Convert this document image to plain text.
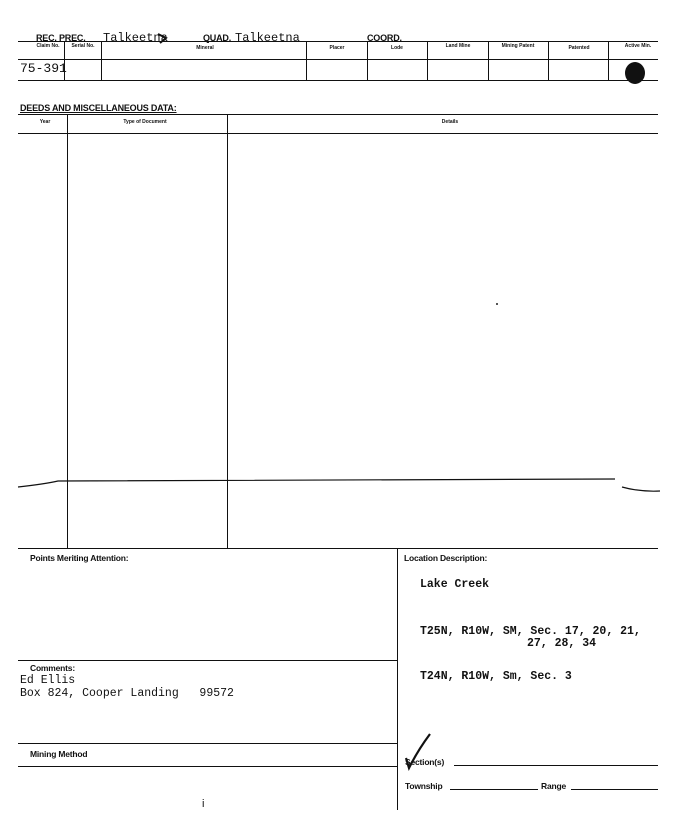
REC. PREC. Talkeetna	QUAD. Talkeetna	COORD.
Claim No.	Serial No.	Mineral	Placer	Lode	Land Mine	Mining Patent	Patented	Active Min.
75-391
DEEDS AND MISCELLANEOUS DATA:
Year	Type of Document	Details
Points Meriting Attention:
Comments:
Ed Ellis
Box 824, Cooper Landing   99572
Mining Method
i
Location Description:
Lake Creek
T25N, R10W, SM, Sec. 17, 20, 21,
27, 28, 34
T24N, R10W, Sm, Sec. 3
Section(s)
Township	Range
